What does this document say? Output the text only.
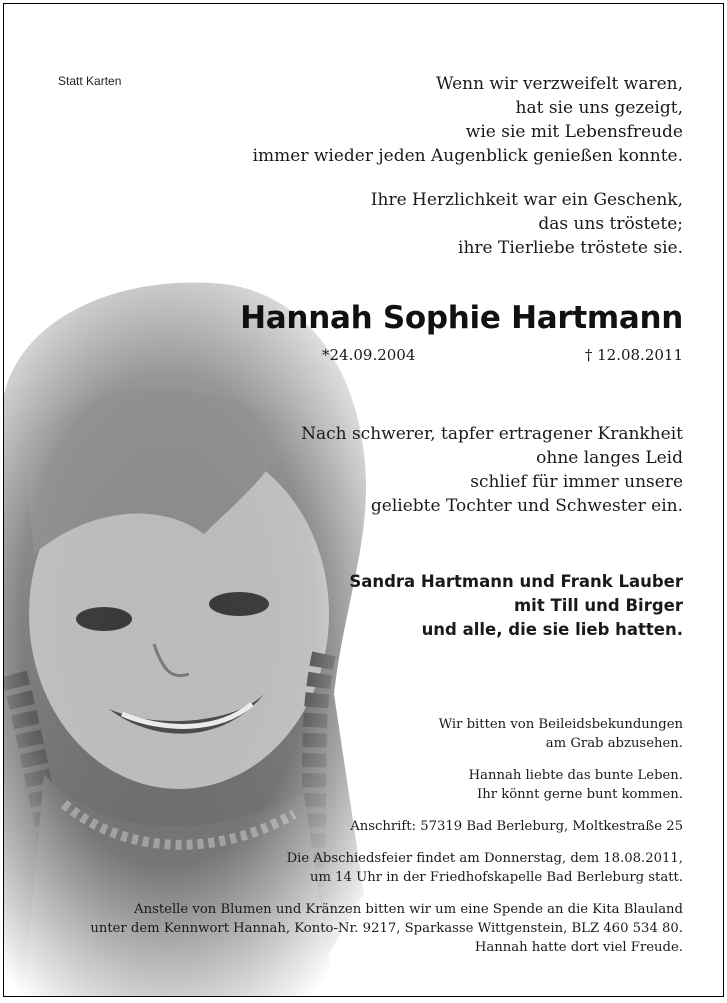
Statt Karten	Wenn wir verzweifelt waren,
hat sie uns gezeigt,
wie sie mit Lebensfreude
immer wieder jeden Augenblick genießen konnte.

Ihre Herzlichkeit war ein Geschenk,
das uns tröstete;
ihre Tierliebe tröstete sie.

Hannah Sophie Hartmann
*24.09.2004	† 12.08.2011
Nach schwerer, tapfer ertragener Krankheit
ohne langes Leid
schlief für immer unsere
geliebte Tochter und Schwester ein.
Sandra Hartmann und Frank Lauber
mit Till und Birger
und alle, die sie lieb hatten.

Wir bitten von Beileidsbekundungen
am Grab abzusehen.

Hannah liebte das bunte Leben.
Ihr könnt gerne bunt kommen.

Anschrift: 57319 Bad Berleburg, Moltkestraße 25

Die Abschiedsfeier findet am Donnerstag, dem 18.08.2011,
um 14 Uhr in der Friedhofskapelle Bad Berleburg statt.

Anstelle von Blumen und Kränzen bitten wir um eine Spende an die Kita Blauland
unter dem Kennwort Hannah, Konto-Nr. 9217, Sparkasse Wittgenstein, BLZ 460 534 80.
Hannah hatte dort viel Freude.
